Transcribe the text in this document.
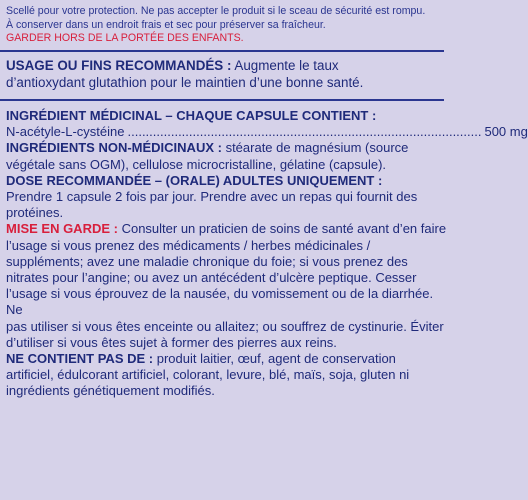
Scellé pour votre protection. Ne pas accepter le produit si le sceau de sécurité est rompu.
À conserver dans un endroit frais et sec pour préserver sa fraîcheur.
GARDER HORS DE LA PORTÉE DES ENFANTS.
USAGE OU FINS RECOMMANDÉS : Augmente le taux
d’antioxydant glutathion pour le maintien d’une bonne santé.
INGRÉDIENT MÉDICINAL – CHAQUE CAPSULE CONTIENT :
N-acétyle-L-cystéine .................................................................................................. 500 mg
INGRÉDIENTS NON-MÉDICINAUX : stéarate de magnésium (source
végétale sans OGM), cellulose microcristalline, gélatine (capsule).
DOSE RECOMMANDÉE – (ORALE) ADULTES UNIQUEMENT :
Prendre 1 capsule 2 fois par jour. Prendre avec un repas qui fournit des
protéines.
MISE EN GARDE : Consulter un praticien de soins de santé avant d’en faire
l’usage si vous prenez des médicaments / herbes médicinales /
suppléments; avez une maladie chronique du foie; si vous prenez des
nitrates pour l’angine; ou avez un antécédent d’ulcère peptique. Cesser
l’usage si vous éprouvez de la nausée, du vomissement ou de la diarrhée. Ne
pas utiliser si vous êtes enceinte ou allaitez; ou souffrez de cystinurie. Éviter
d’utiliser si vous êtes sujet à former des pierres aux reins.
NE CONTIENT PAS DE : produit laitier, œuf, agent de conservation
artificiel, édulcorant artificiel, colorant, levure, blé, maïs, soja, gluten ni
ingrédients génétiquement modifiés.
